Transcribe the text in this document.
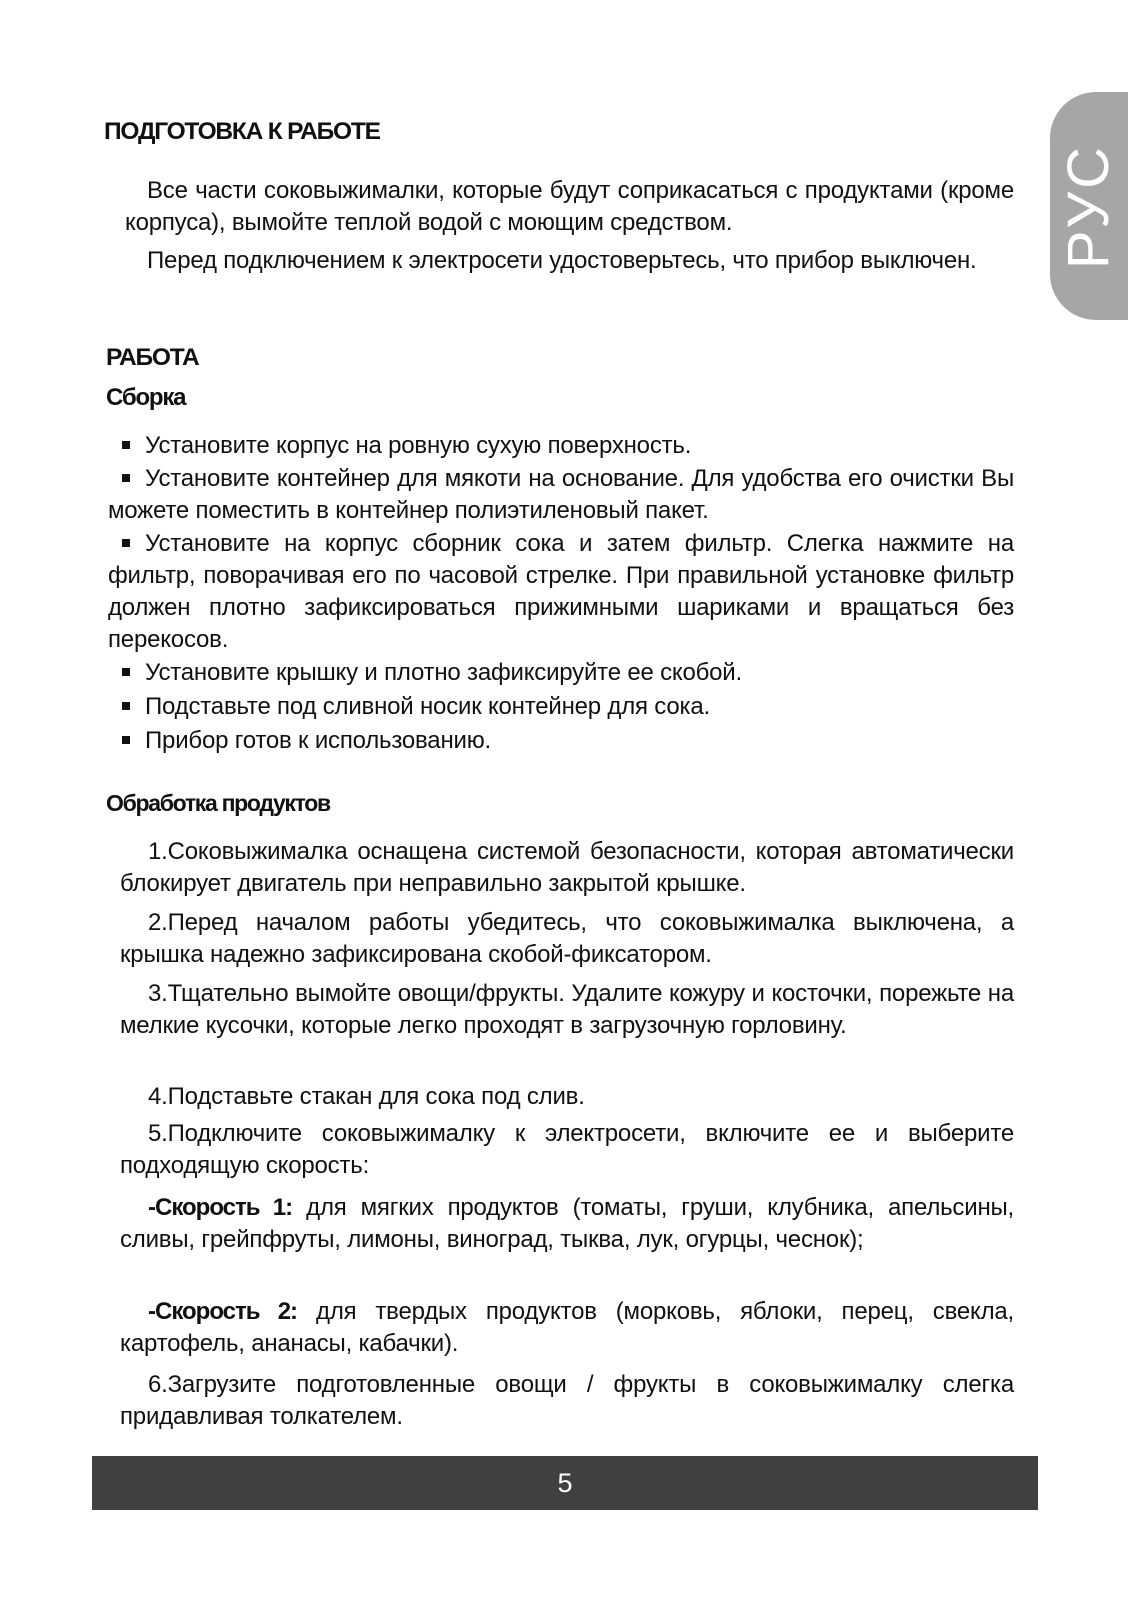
РУС
ПОДГОТОВКА К РАБОТЕ

Все части соковыжималки, которые будут соприкасаться с продуктами (кроме корпуса), вымойте теплой водой с моющим средством.

Перед подключением к электросети удостоверьтесь, что прибор выключен.

РАБОТА
Сборка

Установите корпус на ровную сухую поверхность.

Установите контейнер для мякоти на основание. Для удобства его очистки Вы можете поместить в контейнер полиэтиленовый пакет.

Установите на корпус сборник сока и затем фильтр. Слегка нажмите на фильтр, поворачивая его по часовой стрелке. При правильной установке фильтр должен плотно зафиксироваться прижимными шариками и вращаться без перекосов.

Установите крышку и плотно зафиксируйте ее скобой.

Подставьте под сливной носик контейнер для сока.

Прибор готов к использованию.

Обработка продуктов

1.Соковыжималка оснащена системой безопасности, которая автоматически блокирует двигатель при неправильно закрытой крышке.

2.Перед началом работы убедитесь, что соковыжималка выключена, а крышка надежно зафиксирована скобой-фиксатором.

3.Тщательно вымойте овощи/фрукты. Удалите кожуру и косточки, порежьте на мелкие кусочки, которые легко проходят в загрузочную горловину.

4.Подставьте стакан для сока под слив.

5.Подключите соковыжималку к электросети, включите ее и выберите подходящую скорость:

-Скорость 1: для мягких продуктов (томаты, груши, клубника, апельсины, сливы, грейпфруты, лимоны, виноград, тыква, лук, огурцы, чеснок);

-Скорость 2: для твердых продуктов (морковь, яблоки, перец, свекла, картофель, ананасы, кабачки).

6.Загрузите подготовленные овощи / фрукты в соковыжималку слегка придавливая толкателем.

5
